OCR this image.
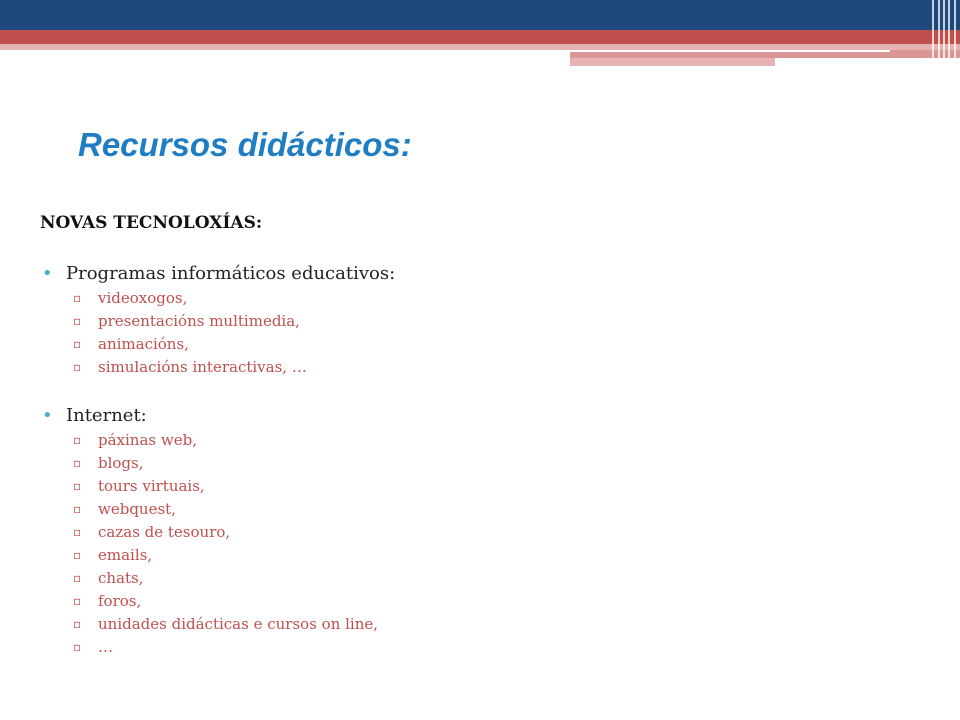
Recursos didácticos:

NOVAS TECNOLOXÍAS:

• Programas informáticos educativos:
▫ videoxogos,
▫ presentacións multimedia,
▫ animacións,
▫ simulacións interactivas, …
• Internet:
▫ páxinas web,
▫ blogs,
▫ tours virtuais,
▫ webquest,
▫ cazas de tesouro,
▫ emails,
▫ chats,
▫ foros,
▫ unidades didácticas e cursos on line,
▫ …
